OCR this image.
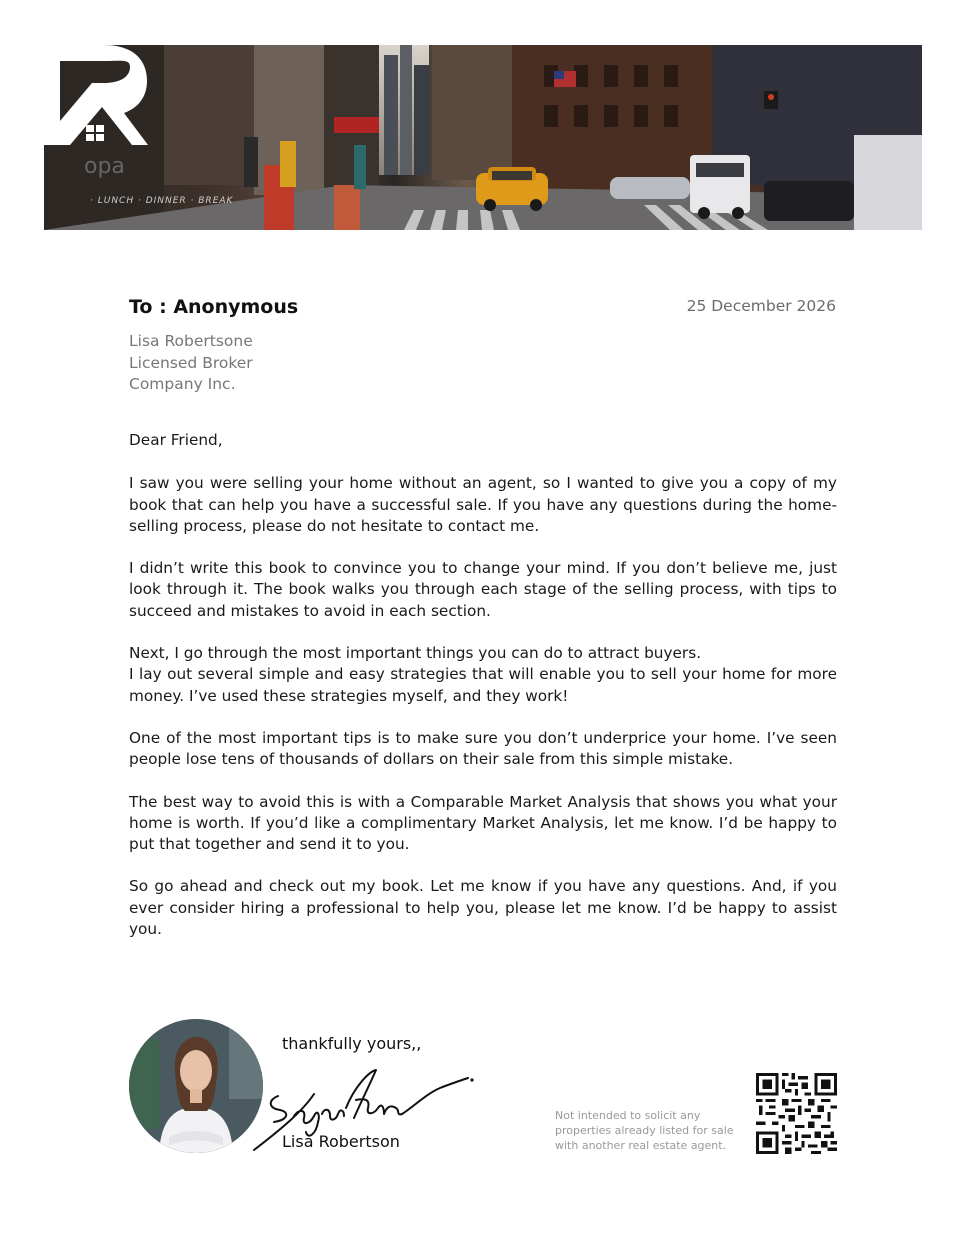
opa
· LUNCH · DINNER · BREAK
To : Anonymous	25 December 2026
Lisa Robertsone
Licensed Broker
Company Inc.

Dear Friend,

I saw you were selling your home without an agent, so I wanted to give you a copy of my book that can help you have a successful sale. If you have any questions during the home-selling process, please do not hesitate to contact me.

I didn’t write this book to convince you to change your mind. If you don’t believe me, just look through it. The book walks you through each stage of the selling process, with tips to succeed and mistakes to avoid in each section.

Next, I go through the most important things you can do to attract buyers.

I lay out several simple and easy strategies that will enable you to sell your home for more money. I’ve used these strategies myself, and they work!

One of the most important tips is to make sure you don’t underprice your home. I’ve seen people lose tens of thousands of dollars on their sale from this simple mistake.

The best way to avoid this is with a Comparable Market Analysis that shows you what your home is worth. If you’d like a complimentary Market Analysis, let me know. I’d be happy to put that together and send it to you.

So go ahead and check out my book. Let me know if you have any questions. And, if you ever consider hiring a professional to help you, please let me know. I’d be happy to assist you.

thankfully yours,,
Lisa Robertson
Not intended to solicit any properties already listed for sale with another real estate agent.
